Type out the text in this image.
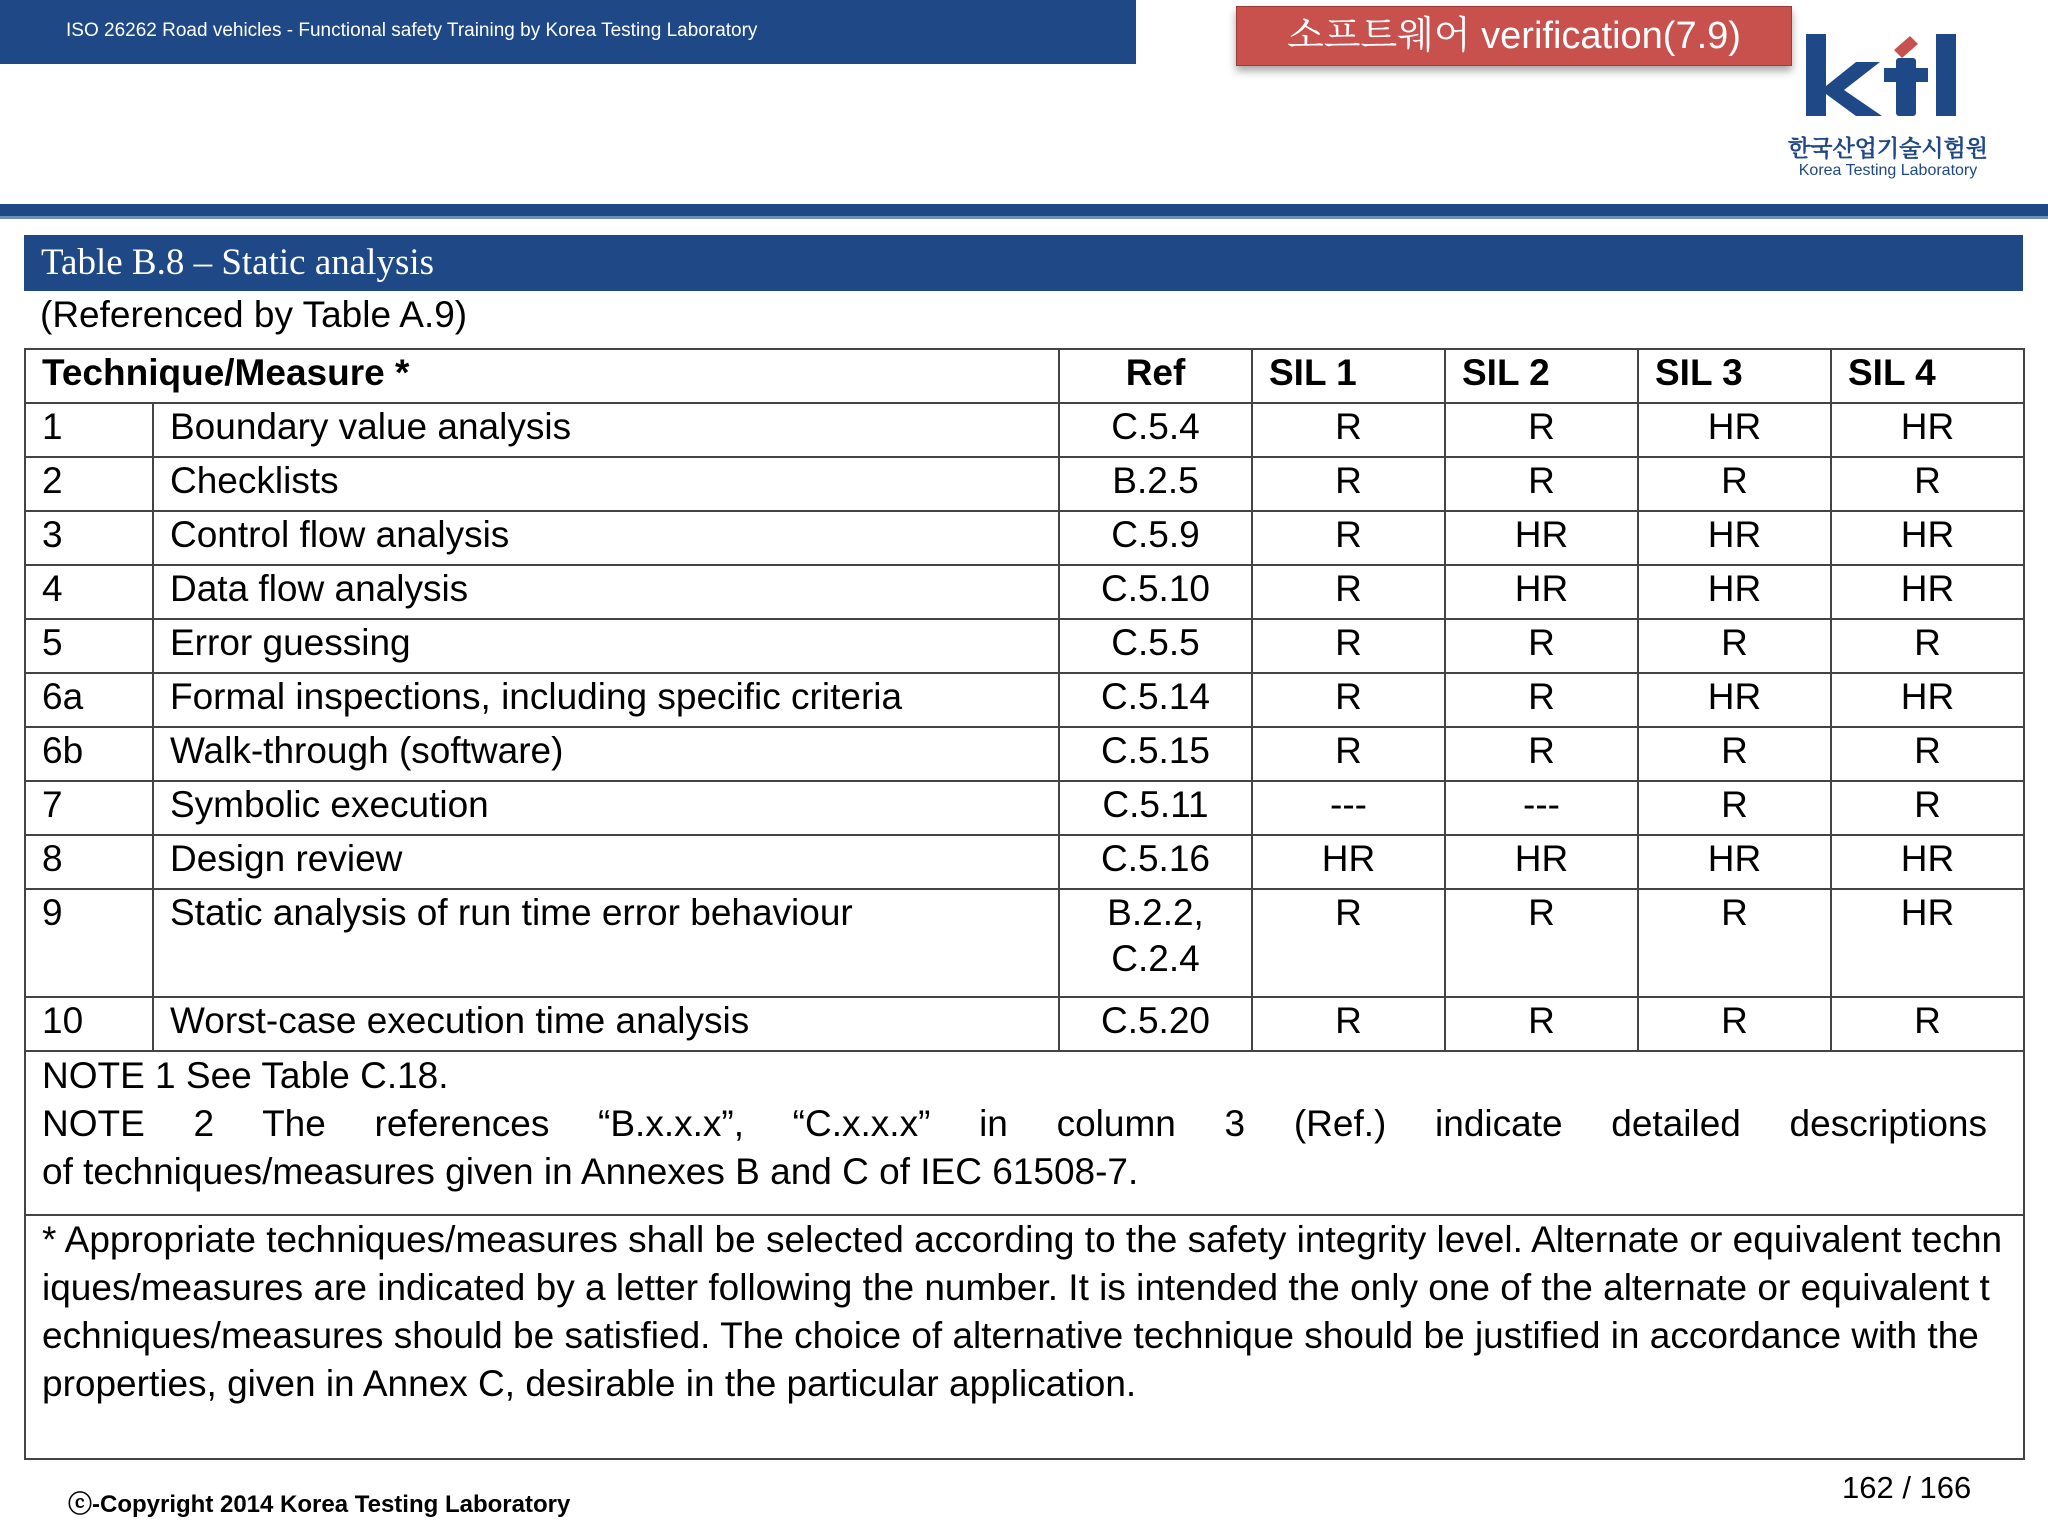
ISO 26262 Road vehicles - Functional safety Training by Korea Testing Laboratory	소프트웨어 verification(7.9)
한국산업기술시험원
Korea Testing Laboratory
Table B.8 – Static analysis
(Referenced by Table A.9)
Technique/Measure *		Ref	SIL 1	SIL 2	SIL 3	SIL 4
1	Boundary value analysis	C.5.4	R	R	HR	HR
2	Checklists	B.2.5	R	R	R	R
3	Control flow analysis	C.5.9	R	HR	HR	HR
4	Data flow analysis	C.5.10	R	HR	HR	HR
5	Error guessing	C.5.5	R	R	R	R
6a	Formal inspections, including specific criteria	C.5.14	R	R	HR	HR
6b	Walk-through (software)	C.5.15	R	R	R	R
7	Symbolic execution	C.5.11	---	---	R	R
8	Design review	C.5.16	HR	HR	HR	HR
9	Static analysis of run time error behaviour	B.2.2,
C.2.4	R	R	R	HR
10	Worst-case execution time analysis	C.5.20	R	R	R	R

NOTE 1 See Table C.18.
NOTE 2 The references “B.x.x.x”, “C.x.x.x” in column 3 (Ref.) indicate detailed descriptions
of techniques/measures given in Annexes B and C of IEC 61508-7.						

* Appropriate techniques/measures shall be selected according to the safety integrity level. Alternate or equivalent techniques/measures are indicated by a letter following the number. It is intended the only one of the alternate or equivalent techniques/measures should be satisfied. The choice of alternative technique should be justified in accordance with the properties, given in Annex C, desirable in the particular application.						
ⓒ-Copyright 2014 Korea Testing Laboratory	162 / 166
